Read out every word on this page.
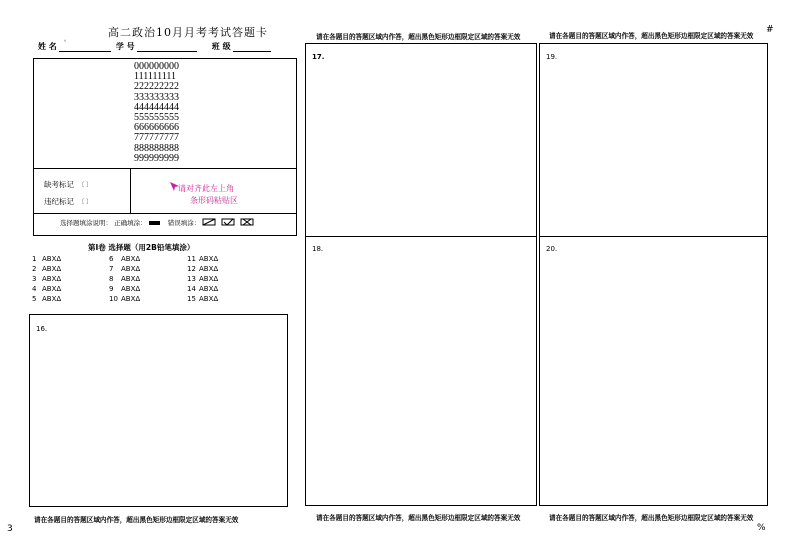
高二政治10月月考考试答题卡
。
姓 名	学 号	班 级
000000000
111111111
222222222
333333333
444444444
555555555
666666666
777777777
888888888
999999999
缺考标记 〔 〕
违纪标记 〔 〕
请对齐此左上角
条形码粘贴区
选择题填涂说明： 正确填涂：	错误填涂：
第Ⅰ卷 选择题（用2B铅笔填涂）
1 ABXΔ
2 ABXΔ
3 ABXΔ
4 ABXΔ
5 ABXΔ
6 ABXΔ
7 ABXΔ
8 ABXΔ
9 ABXΔ
10 ABXΔ
11 ABXΔ
12 ABXΔ
13 ABXΔ
14 ABXΔ
15 ABXΔ
16.
请在各题目的答题区域内作答，超出黑色矩形边框限定区域的答案无效
请在各题目的答题区域内作答，超出黑色矩形边框限定区域的答案无效
17.
18.
请在各题目的答题区域内作答，超出黑色矩形边框限定区域的答案无效
请在各题目的答题区域内作答，超出黑色矩形边框限定区域的答案无效
#
19.
20.
请在各题目的答题区域内作答，超出黑色矩形边框限定区域的答案无效
3	%
